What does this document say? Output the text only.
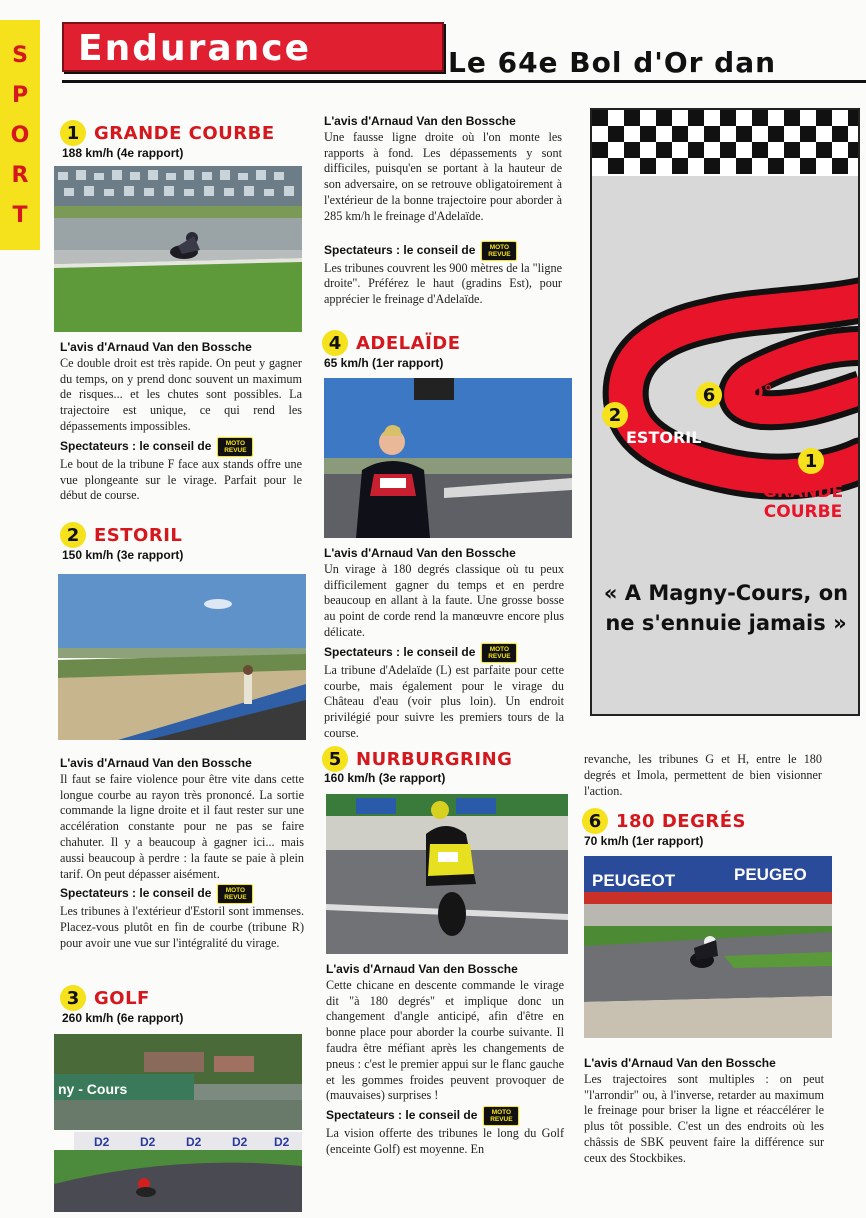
S
P
O
R
T
Endurance	Le 64e Bol d'Or dan
1 GRANDE COURBE
188 km/h (4e rapport)
L'avis d'Arnaud Van den Bossche

Ce double droit est très rapide. On peut y gagner du temps, on y prend donc souvent un maximum de risques... et les chutes sont possibles. La trajectoire est unique, ce qui rend les dépassements impossibles.

Spectateurs : le conseil de MOTO
REVUE

Le bout de la tribune F face aux stands offre une vue plongeante sur le virage. Parfait pour le début de course.

2 ESTORIL
150 km/h (3e rapport)
L'avis d'Arnaud Van den Bossche

Il faut se faire violence pour être vite dans cette longue courbe au rayon très prononcé. La sortie commande la ligne droite et il faut rester sur une accélération constante pour ne pas se faire chahuter. Il y a beaucoup à gagner ici... mais aussi beaucoup à perdre : la faute se paie à plein tarif. On peut dépasser aisément.

Spectateurs : le conseil de MOTO
REVUE

Les tribunes à l'extérieur d'Estoril sont immenses. Placez-vous plutôt en fin de courbe (tribune R) pour avoir une vue sur l'intégralité du virage.

3 GOLF
260 km/h (6e rapport)
ny - Cours
D2	D2	D2	D2 D2
L'avis d'Arnaud Van den Bossche

Une fausse ligne droite où l'on monte les rapports à fond. Les dépassements y sont difficiles, puisqu'en se portant à la hauteur de son adversaire, on se retrouve obligatoirement à l'extérieur de la bonne trajectoire pour aborder à 285 km/h le freinage d'Adelaïde.

Spectateurs : le conseil de MOTO
REVUE

Les tribunes couvrent les 900 mètres de la "ligne droite". Préférez le haut (gradins Est), pour apprécier le freinage d'Adelaïde.

4 ADELAÏDE
65 km/h (1er rapport)
L'avis d'Arnaud Van den Bossche

Un virage à 180 degrés classique où tu peux difficilement gagner du temps et en perdre beaucoup en allant à la faute. Une grosse bosse au point de corde rend la manœuvre encore plus délicate.

Spectateurs : le conseil de MOTO
REVUE

La tribune d'Adelaïde (L) est parfaite pour cette courbe, mais également pour le virage du Château d'eau (voir plus loin). Un endroit privilégié pour suivre les premiers tours de la course.

5 NURBURGRING
160 km/h (3e rapport)
L'avis d'Arnaud Van den Bossche

Cette chicane en descente commande le virage dit "à 180 degrés" et implique donc un changement d'angle anticipé, afin d'être en bonne place pour aborder la courbe suivante. Il faudra être méfiant après les changements de pneus : c'est le premier appui sur le flanc gauche et les gommes froides peuvent provoquer de (mauvaises) surprises !

Spectateurs : le conseil de MOTO
REVUE

La vision offerte des tribunes le long du Golf (enceinte Golf) est moyenne. En

revanche, les tribunes G et H, entre le 180 degrés et Imola, permettent de bien visionner l'action.

6 180 DEGRÉS
70 km/h (1er rapport)
PEUGEOT	PEUGEO
L'avis d'Arnaud Van den Bossche

Les trajectoires sont multiples : on peut "l'arrondir" ou, à l'inverse, retarder au maximum le freinage pour briser la ligne et réaccélérer le plus tôt possible. C'est un des endroits où les châssis de SBK peuvent faire la différence sur ceux des Stockbikes.

6 180°
2
ESTORIL
1
GRANDE COURBE
« A Magny-Cours, on ne s'ennuie jamais »
